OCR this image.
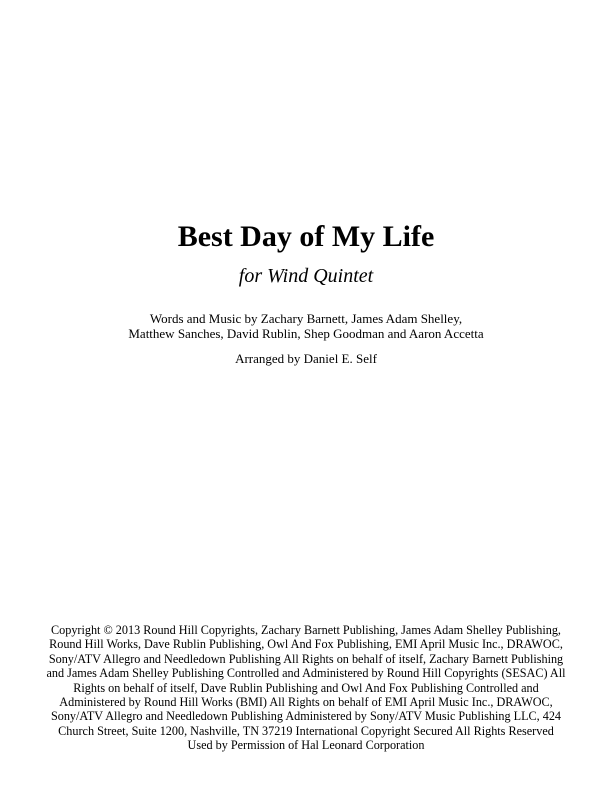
Best Day of My Life
for Wind Quintet
Words and Music by Zachary Barnett, James Adam Shelley,
Matthew Sanches, David Rublin, Shep Goodman and Aaron Accetta
Arranged by Daniel E. Self
Copyright © 2013 Round Hill Copyrights, Zachary Barnett Publishing, James Adam Shelley Publishing,
Round Hill Works, Dave Rublin Publishing, Owl And Fox Publishing, EMI April Music Inc., DRAWOC,
Sony/ATV Allegro and Needledown Publishing All Rights on behalf of itself, Zachary Barnett Publishing
and James Adam Shelley Publishing Controlled and Administered by Round Hill Copyrights (SESAC) All
Rights on behalf of itself, Dave Rublin Publishing and Owl And Fox Publishing Controlled and
Administered by Round Hill Works (BMI) All Rights on behalf of EMI April Music Inc., DRAWOC,
Sony/ATV Allegro and Needledown Publishing Administered by Sony/ATV Music Publishing LLC, 424
Church Street, Suite 1200, Nashville, TN 37219 International Copyright Secured All Rights Reserved
Used by Permission of Hal Leonard Corporation
